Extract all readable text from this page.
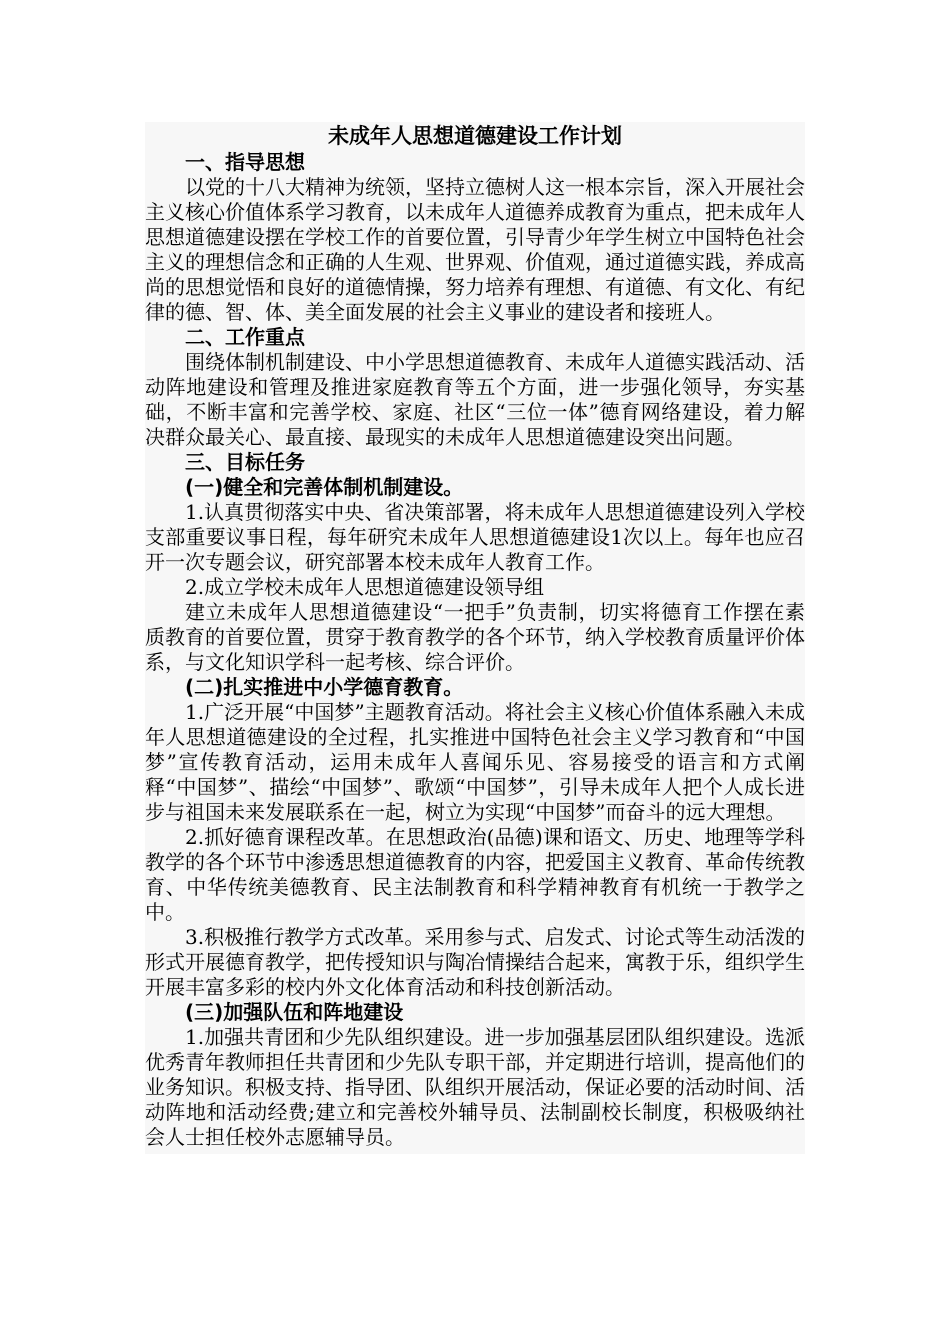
未成年人思想道德建设工作计划
一、指导思想
以党的十八大精神为统领，坚持立德树人这一根本宗旨，深入开展社会主义核心价值体系学习教育，以未成年人道德养成教育为重点，把未成年人思想道德建设摆在学校工作的首要位置，引导青少年学生树立中国特色社会主义的理想信念和正确的人生观、世界观、价值观，通过道德实践，养成高尚的思想觉悟和良好的道德情操，努力培养有理想、有道德、有文化、有纪律的德、智、体、美全面发展的社会主义事业的建设者和接班人。
二、工作重点
围绕体制机制建设、中小学思想道德教育、未成年人道德实践活动、活动阵地建设和管理及推进家庭教育等五个方面，进一步强化领导，夯实基础，不断丰富和完善学校、家庭、社区“三位一体”德育网络建设，着力解决群众最关心、最直接、最现实的未成年人思想道德建设突出问题。
三、目标任务
(一)健全和完善体制机制建设。
1.认真贯彻落实中央、省决策部署，将未成年人思想道德建设列入学校支部重要议事日程，每年研究未成年人思想道德建设1次以上。每年也应召开一次专题会议，研究部署本校未成年人教育工作。
2.成立学校未成年人思想道德建设领导组
建立未成年人思想道德建设“一把手”负责制，切实将德育工作摆在素质教育的首要位置，贯穿于教育教学的各个环节，纳入学校教育质量评价体系，与文化知识学科一起考核、综合评价。
(二)扎实推进中小学德育教育。
1.广泛开展“中国梦”主题教育活动。将社会主义核心价值体系融入未成年人思想道德建设的全过程，扎实推进中国特色社会主义学习教育和“中国梦”宣传教育活动，运用未成年人喜闻乐见、容易接受的语言和方式阐释“中国梦”、描绘“中国梦”、歌颂“中国梦”，引导未成年人把个人成长进步与祖国未来发展联系在一起，树立为实现“中国梦”而奋斗的远大理想。
2.抓好德育课程改革。在思想政治(品德)课和语文、历史、地理等学科教学的各个环节中渗透思想道德教育的内容，把爱国主义教育、革命传统教育、中华传统美德教育、民主法制教育和科学精神教育有机统一于教学之中。
3.积极推行教学方式改革。采用参与式、启发式、讨论式等生动活泼的形式开展德育教学，把传授知识与陶冶情操结合起来，寓教于乐，组织学生开展丰富多彩的校内外文化体育活动和科技创新活动。
(三)加强队伍和阵地建设
1.加强共青团和少先队组织建设。进一步加强基层团队组织建设。选派优秀青年教师担任共青团和少先队专职干部，并定期进行培训，提高他们的业务知识。积极支持、指导团、队组织开展活动，保证必要的活动时间、活动阵地和活动经费;建立和完善校外辅导员、法制副校长制度，积极吸纳社会人士担任校外志愿辅导员。
